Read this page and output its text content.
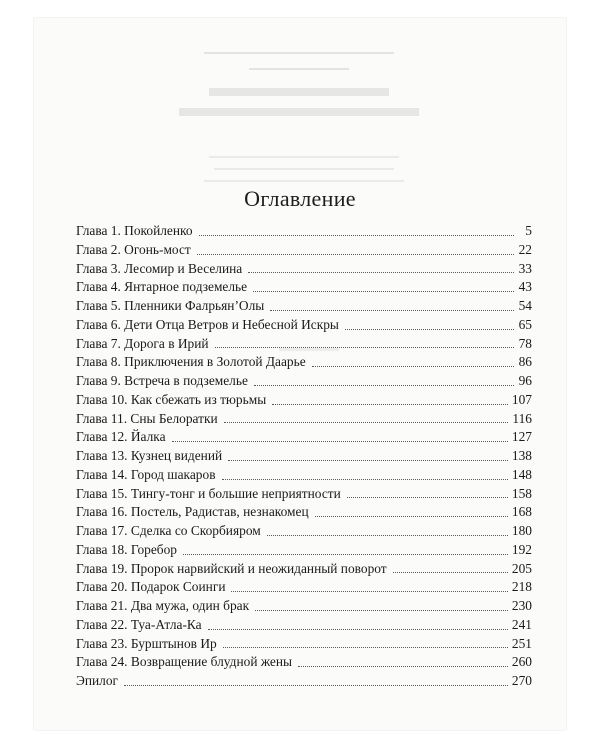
Оглавление
Глава 1. Покойленко	5
Глава 2. Огонь-мост	22
Глава 3. Лесомир и Веселина	33
Глава 4. Янтарное подземелье	43
Глава 5. Пленники Фалрьян’Олы	54
Глава 6. Дети Отца Ветров и Небесной Искры	65
Глава 7. Дорога в Ирий	78
Глава 8. Приключения в Золотой Даарье	86
Глава 9. Встреча в подземелье	96
Глава 10. Как сбежать из тюрьмы	107
Глава 11. Сны Белоратки	116
Глава 12. Йалка	127
Глава 13. Кузнец видений	138
Глава 14. Город шакаров	148
Глава 15. Тингу-тонг и большие неприятности	158
Глава 16. Постель, Радистав, незнакомец	168
Глава 17. Сделка со Скорбияром	180
Глава 18. Горебор	192
Глава 19. Пророк нарвийский и неожиданный поворот	205
Глава 20. Подарок Соинги	218
Глава 21. Два мужа, один брак	230
Глава 22. Туа-Атла-Ка	241
Глава 23. Бурштынов Ир	251
Глава 24. Возвращение блудной жены	260
Эпилог	270
